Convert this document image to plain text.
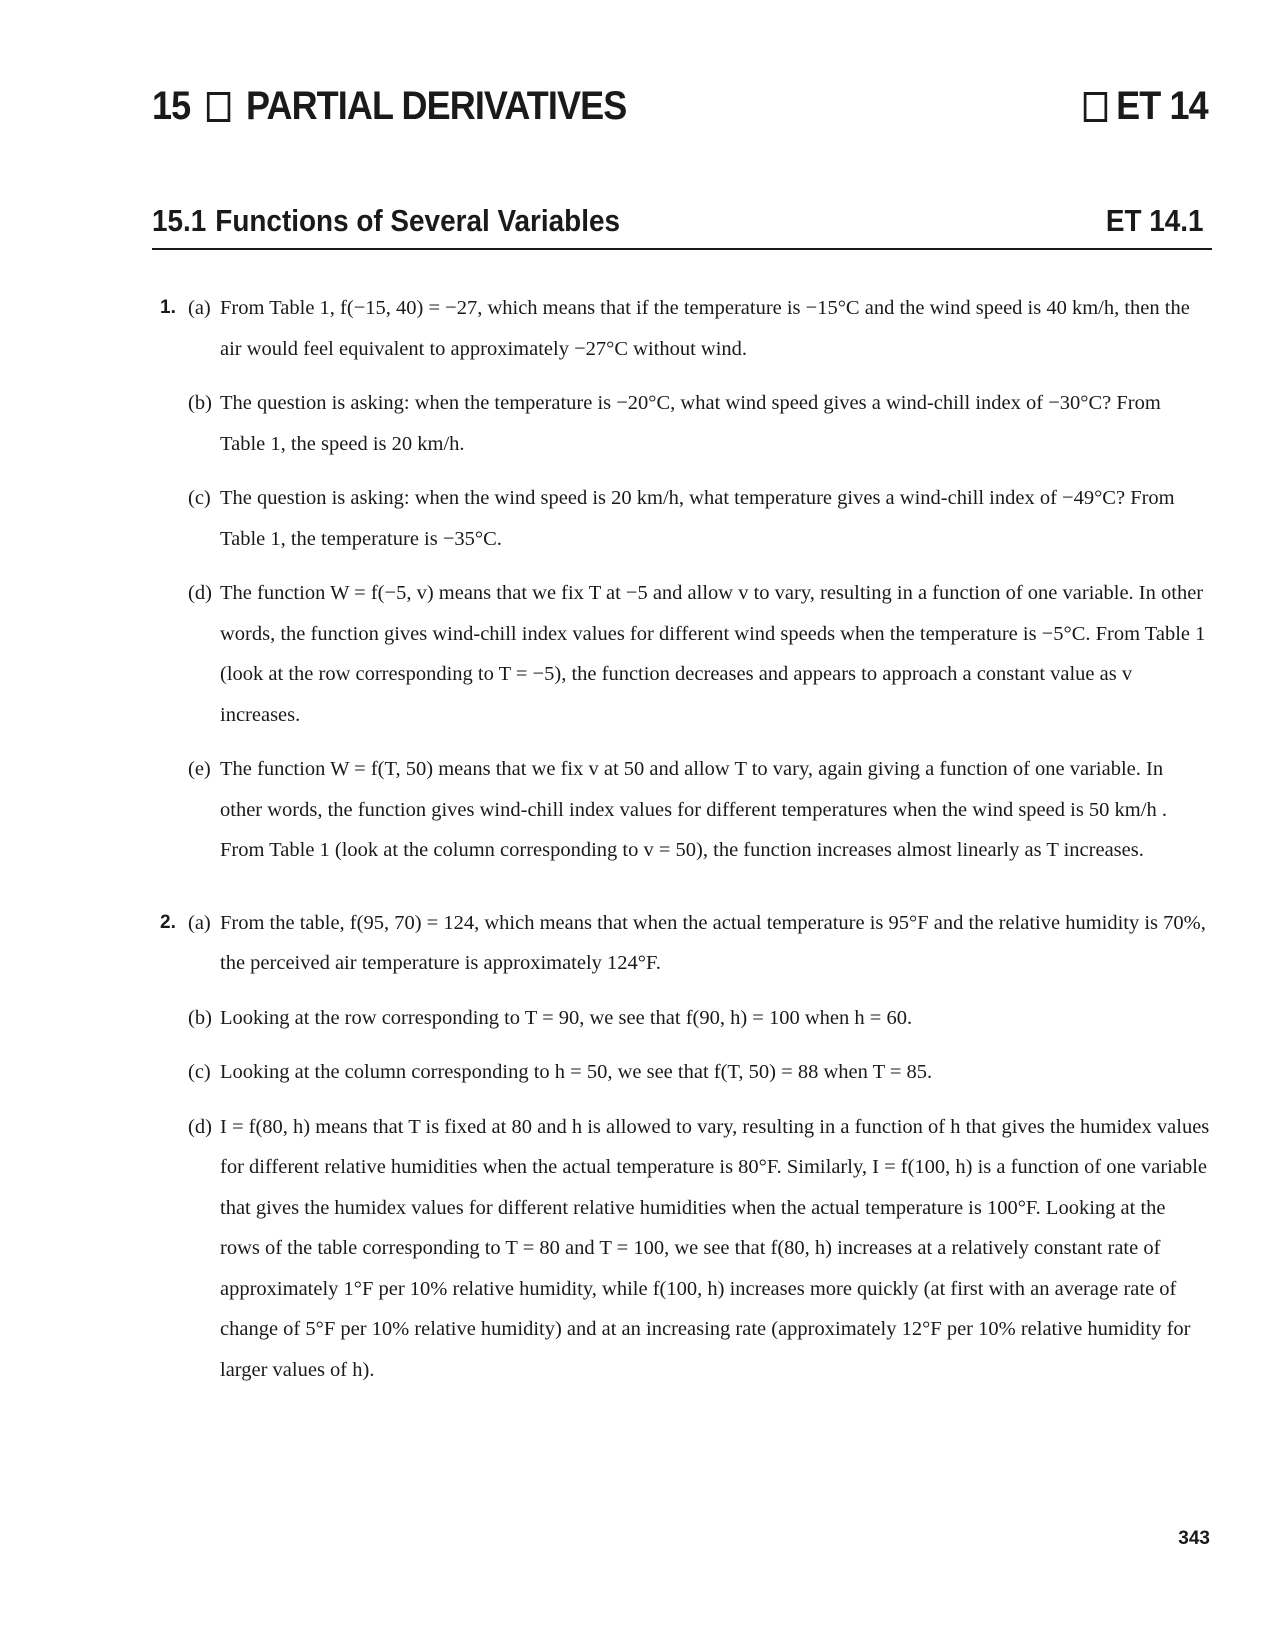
15 PARTIAL DERIVATIVES	ET 14
15.1 Functions of Several Variables	ET 14.1
1. (a) From Table 1, f(−15, 40) = −27, which means that if the temperature is −15°C and the wind speed is 40 km/h, then the air would feel equivalent to approximately −27°C without wind.
(b) The question is asking: when the temperature is −20°C, what wind speed gives a wind-chill index of −30°C? From Table 1, the speed is 20 km/h.
(c) The question is asking: when the wind speed is 20 km/h, what temperature gives a wind-chill index of −49°C? From Table 1, the temperature is −35°C.
(d) The function W = f(−5, v) means that we fix T at −5 and allow v to vary, resulting in a function of one variable. In other words, the function gives wind-chill index values for different wind speeds when the temperature is −5°C. From Table 1 (look at the row corresponding to T = −5), the function decreases and appears to approach a constant value as v increases.
(e) The function W = f(T, 50) means that we fix v at 50 and allow T to vary, again giving a function of one variable. In other words, the function gives wind-chill index values for different temperatures when the wind speed is 50 km/h . From Table 1 (look at the column corresponding to v = 50), the function increases almost linearly as T increases.
2. (a) From the table, f(95, 70) = 124, which means that when the actual temperature is 95°F and the relative humidity is 70%, the perceived air temperature is approximately 124°F.
(b) Looking at the row corresponding to T = 90, we see that f(90, h) = 100 when h = 60.
(c) Looking at the column corresponding to h = 50, we see that f(T, 50) = 88 when T = 85.
(d) I = f(80, h) means that T is fixed at 80 and h is allowed to vary, resulting in a function of h that gives the humidex values for different relative humidities when the actual temperature is 80°F. Similarly, I = f(100, h) is a function of one variable that gives the humidex values for different relative humidities when the actual temperature is 100°F. Looking at the rows of the table corresponding to T = 80 and T = 100, we see that f(80, h) increases at a relatively constant rate of approximately 1°F per 10% relative humidity, while f(100, h) increases more quickly (at first with an average rate of change of 5°F per 10% relative humidity) and at an increasing rate (approximately 12°F per 10% relative humidity for larger values of h).
343
